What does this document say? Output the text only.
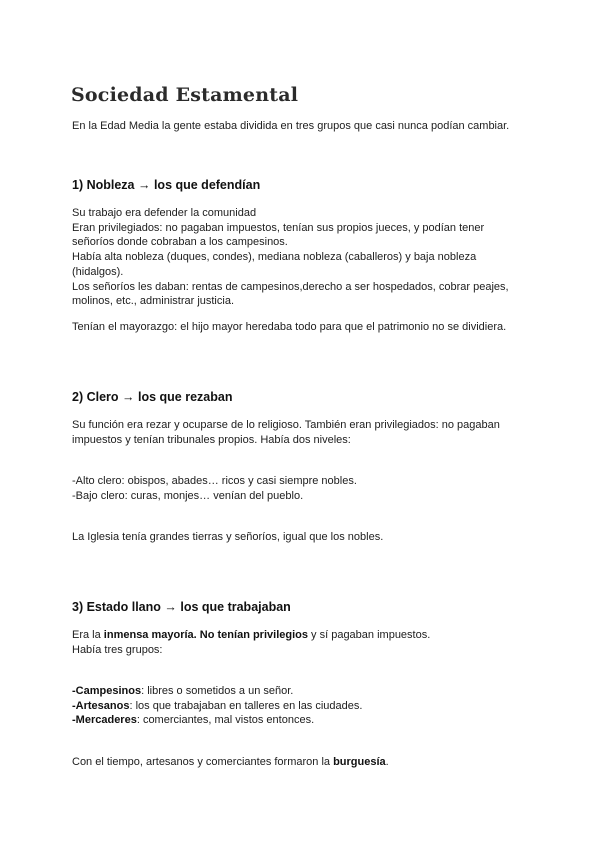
Sociedad Estamental

En la Edad Media la gente estaba dividida en tres grupos que casi nunca podían cambiar.

1) Nobleza → los que defendían

Su trabajo era defender la comunidad
Eran privilegiados: no pagaban impuestos, tenían sus propios jueces, y podían tener
señoríos donde cobraban a los campesinos.
Había alta nobleza (duques, condes), mediana nobleza (caballeros) y baja nobleza
(hidalgos).
Los señoríos les daban: rentas de campesinos,derecho a ser hospedados, cobrar peajes,
molinos, etc., administrar justicia.

Tenían el mayorazgo: el hijo mayor heredaba todo para que el patrimonio no se dividiera.

2) Clero → los que rezaban

Su función era rezar y ocuparse de lo religioso. También eran privilegiados: no pagaban
impuestos y tenían tribunales propios. Había dos niveles:

-Alto clero: obispos, abades… ricos y casi siempre nobles.
-Bajo clero: curas, monjes… venían del pueblo.

La Iglesia tenía grandes tierras y señoríos, igual que los nobles.

3) Estado llano → los que trabajaban

Era la inmensa mayoría. No tenían privilegios y sí pagaban impuestos.
Había tres grupos:

-Campesinos: libres o sometidos a un señor.
-Artesanos: los que trabajaban en talleres en las ciudades.
-Mercaderes: comerciantes, mal vistos entonces.

Con el tiempo, artesanos y comerciantes formaron la burguesía.
